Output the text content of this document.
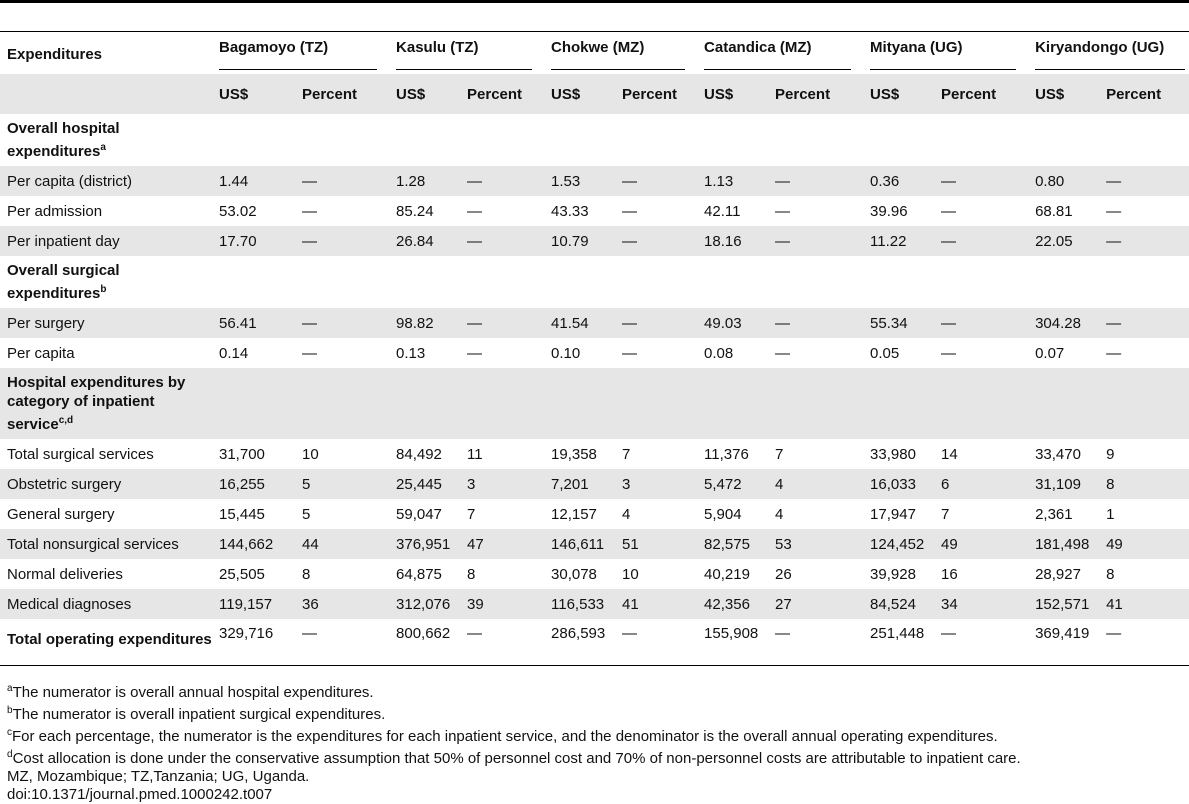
Expenditures	Bagamoyo (TZ)		Kasulu (TZ)		Chokwe (MZ)		Catandica (MZ)		Mityana (UG)		Kiryandongo (UG)	

	US$	Percent	US$	Percent	US$	Percent	US$	Percent	US$	Percent	US$	Percent
Overall hospital expenditures$^a$												
Per capita (district)	1.44	—	1.28	—	1.53	—	1.13	—	0.36	—	0.80	—
Per admission	53.02	—	85.24	—	43.33	—	42.11	—	39.96	—	68.81	—
Per inpatient day	17.70	—	26.84	—	10.79	—	18.16	—	11.22	—	22.05	—
Overall surgical expenditures$^b$												
Per surgery	56.41	—	98.82	—	41.54	—	49.03	—	55.34	—	304.28	—
Per capita	0.14	—	0.13	—	0.10	—	0.08	—	0.05	—	0.07	—
Hospital expenditures by category of inpatient service$^{c,d}$												
Total surgical services	31,700	10	84,492	11	19,358	7	11,376	7	33,980	14	33,470	9
Obstetric surgery	16,255	5	25,445	3	7,201	3	5,472	4	16,033	6	31,109	8
General surgery	15,445	5	59,047	7	12,157	4	5,904	4	17,947	7	2,361	1
Total nonsurgical services	144,662	44	376,951	47	146,611	51	82,575	53	124,452	49	181,498	49
Normal deliveries	25,505	8	64,875	8	30,078	10	40,219	26	39,928	16	28,927	8
Medical diagnoses	119,157	36	312,076	39	116,533	41	42,356	27	84,524	34	152,571	41
Total operating expenditures	329,716	—	800,662	—	286,593	—	155,908	—	251,448	—	369,419	—
$^a$The numerator is overall annual hospital expenditures.
$^b$The numerator is overall inpatient surgical expenditures.
$^c$For each percentage, the numerator is the expenditures for each inpatient service, and the denominator is the overall annual operating expenditures.
$^d$Cost allocation is done under the conservative assumption that 50% of personnel cost and 70% of non-personnel costs are attributable to inpatient care.
MZ, Mozambique; TZ,Tanzania; UG, Uganda.
doi:10.1371/journal.pmed.1000242.t007
